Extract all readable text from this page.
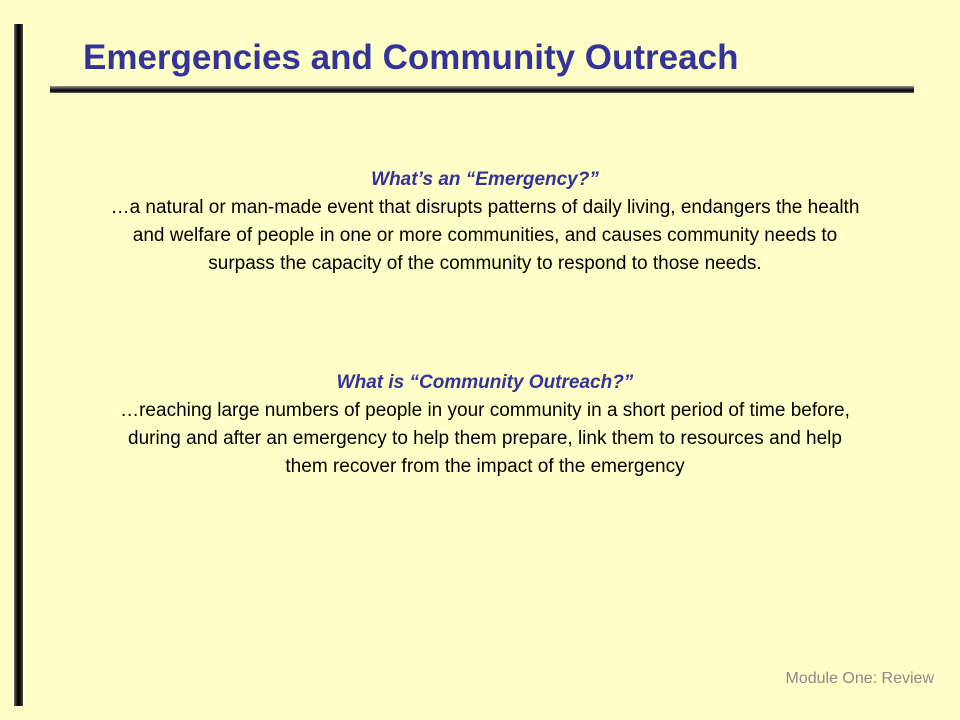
Emergencies and Community Outreach
What’s an “Emergency?”
…a natural or man-made event that disrupts patterns of daily living, endangers the health and welfare of people in one or more communities, and causes community needs to surpass the capacity of the community to respond to those needs.
What is “Community Outreach?”
…reaching large numbers of people in your community in a short period of time before, during and after an emergency to help them prepare, link them to resources and help them recover from the impact of the emergency
Module One: Review
